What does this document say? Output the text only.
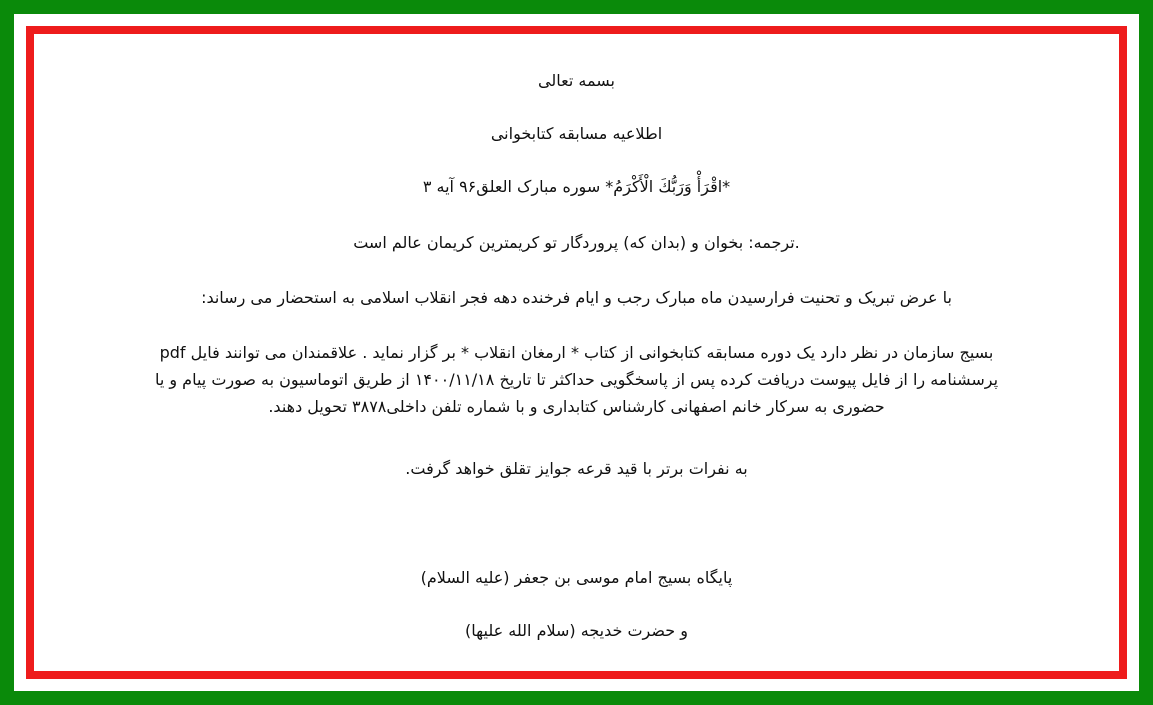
بسمه تعالی
اطلاعیه مسابقه کتابخوانی
*اقْرَأْ وَرَبُّكَ الْأَكْرَمُ* سوره مبارک العلق۹۶ آیه ۳
.ترجمه: بخوان و (بدان که) پروردگار تو کریمترین کریمان عالم است
با عرض تبریک و تحنیت فرارسیدن ماه مبارک رجب و ایام فرخنده دهه فجر انقلاب اسلامی به استحضار می رساند:
بسیج سازمان در نظر دارد یک دوره مسابقه کتابخوانی از کتاب * ارمغان انقلاب * بر گزار نماید . علاقمندان می توانند فایل pdf
پرسشنامه را از فایل پیوست دریافت کرده پس از پاسخگویی حداکثر تا تاریخ ۱۴۰۰/۱۱/۱۸ از طریق اتوماسیون به صورت پیام و یا
حضوری به سرکار خانم اصفهانی کارشناس کتابداری و با شماره تلفن داخلی۳۸۷۸ تحویل دهند.
به نفرات برتر با قید قرعه جوایز تقلق خواهد گرفت.
پایگاه بسیج امام موسی بن جعفر (علیه السلام)
و حضرت خدیجه (سلام الله علیها)
